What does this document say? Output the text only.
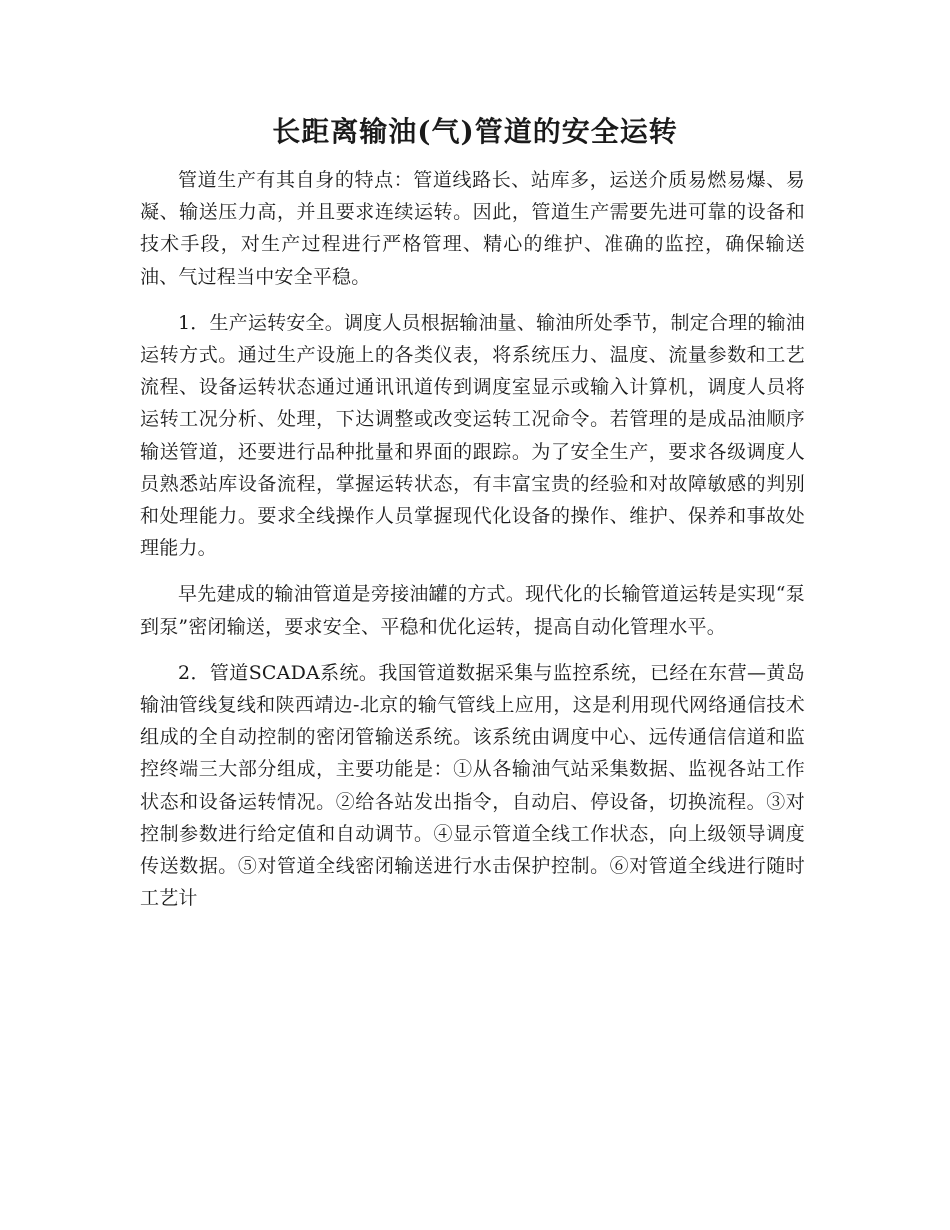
长距离输油(气)管道的安全运转

管道生产有其自身的特点：管道线路长、站库多，运送介质易燃易爆、易凝、输送压力高，并且要求连续运转。因此，管道生产需要先进可靠的设备和技术手段，对生产过程进行严格管理、精心的维护、准确的监控，确保输送油、气过程当中安全平稳。

1．生产运转安全。调度人员根据输油量、输油所处季节，制定合理的输油运转方式。通过生产设施上的各类仪表，将系统压力、温度、流量参数和工艺流程、设备运转状态通过通讯讯道传到调度室显示或输入计算机，调度人员将运转工况分析、处理，下达调整或改变运转工况命令。若管理的是成品油顺序输送管道，还要进行品种批量和界面的跟踪。为了安全生产，要求各级调度人员熟悉站库设备流程，掌握运转状态，有丰富宝贵的经验和对故障敏感的判别和处理能力。要求全线操作人员掌握现代化设备的操作、维护、保养和事故处理能力。

早先建成的输油管道是旁接油罐的方式。现代化的长输管道运转是实现“泵到泵”密闭输送，要求安全、平稳和优化运转，提高自动化管理水平。

2．管道SCADA系统。我国管道数据采集与监控系统，已经在东营—黄岛输油管线复线和陕西靖边-北京的输气管线上应用，这是利用现代网络通信技术组成的全自动控制的密闭管输送系统。该系统由调度中心、远传通信信道和监控终端三大部分组成，主要功能是：①从各输油气站采集数据、监视各站工作状态和设备运转情况。②给各站发出指令，自动启、停设备，切换流程。③对控制参数进行给定值和自动调节。④显示管道全线工作状态，向上级领导调度传送数据。⑤对管道全线密闭输送进行水击保护控制。⑥对管道全线进行随时工艺计
